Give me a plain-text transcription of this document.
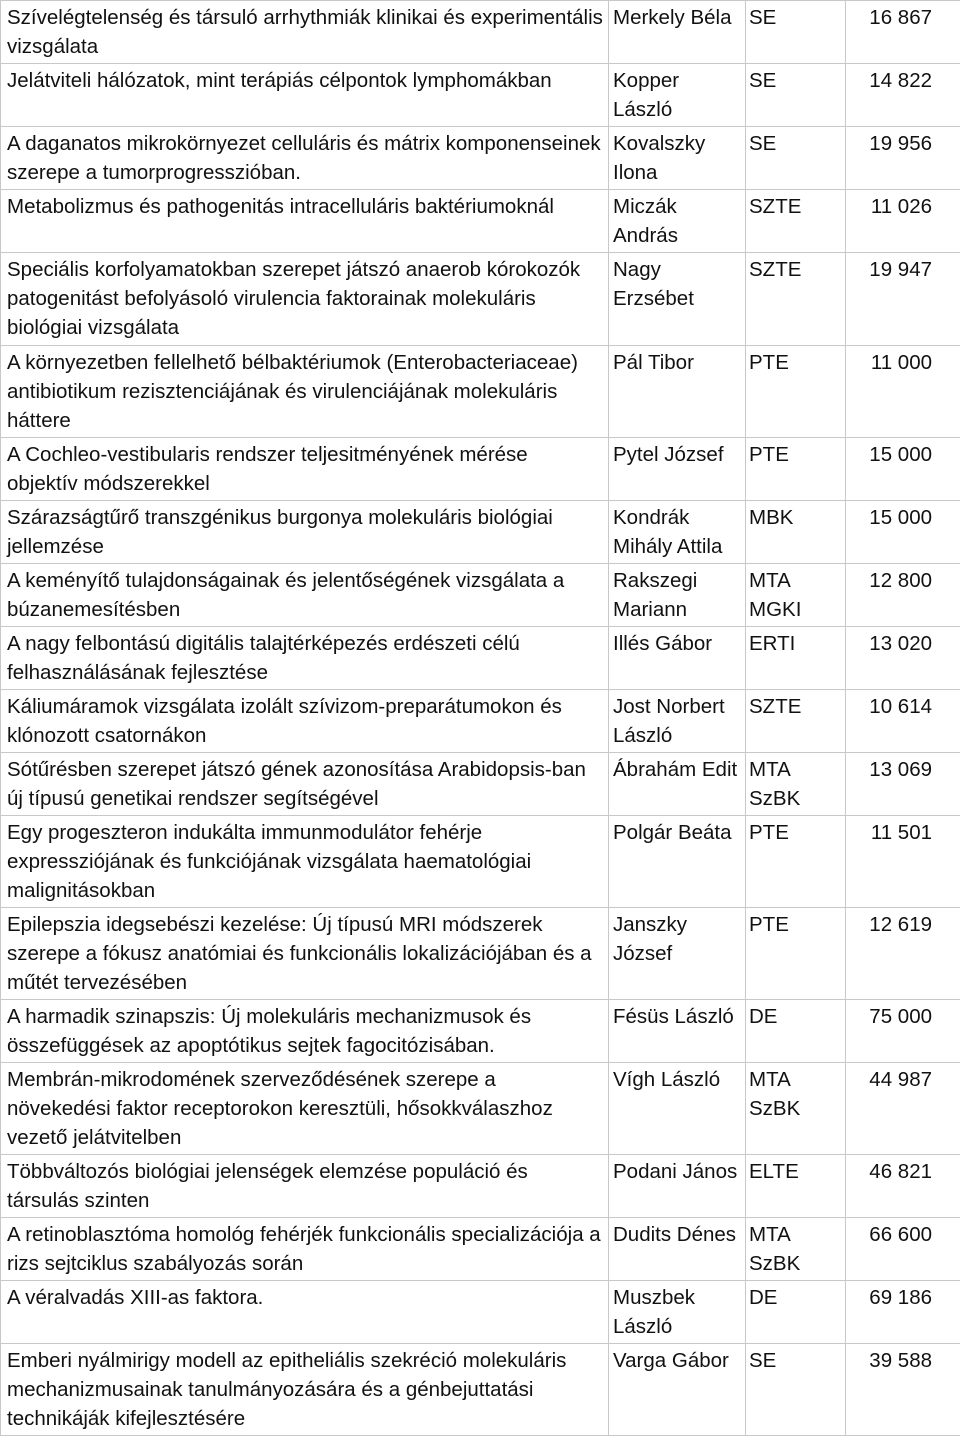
Szívelégtelenség és társuló arrhythmiák klinikai és experimentális vizsgálata	Merkely Béla	SE	16 867
Jelátviteli hálózatok, mint terápiás célpontok lymphomákban	Kopper László	SE	14 822
A daganatos mikrokörnyezet celluláris és mátrix komponenseinek szerepe a tumorprogresszióban.	Kovalszky Ilona	SE	19 956
Metabolizmus és pathogenitás intracelluláris baktériumoknál	Miczák András	SZTE	11 026
Speciális korfolyamatokban szerepet játszó anaerob kórokozók patogenitást befolyásoló virulencia faktorainak molekuláris biológiai vizsgálata	Nagy Erzsébet	SZTE	19 947
A környezetben fellelhető bélbaktériumok (Enterobacteriaceae) antibiotikum rezisztenciájának és virulenciájának molekuláris háttere	Pál Tibor	PTE	11 000
A Cochleo-vestibularis rendszer teljesitményének mérése objektív módszerekkel	Pytel József	PTE	15 000
Szárazságtűrő transzgénikus burgonya molekuláris biológiai jellemzése	Kondrák Mihály Attila	MBK	15 000
A keményítő tulajdonságainak és jelentőségének vizsgálata a búzanemesítésben	Rakszegi Mariann	MTA MGKI	12 800
A nagy felbontású digitális talajtérképezés erdészeti célú felhasználásának fejlesztése	Illés Gábor	ERTI	13 020
Káliumáramok vizsgálata izolált szívizom-preparátumokon és klónozott csatornákon	Jost Norbert László	SZTE	10 614
Sótűrésben szerepet játszó gének azonosítása Arabidopsis-ban új típusú genetikai rendszer segítségével	Ábrahám Edit	MTA SzBK	13 069
Egy progeszteron indukálta immunmodulátor fehérje expressziójának és funkciójának vizsgálata haematológiai malignitásokban	Polgár Beáta	PTE	11 501
Epilepszia idegsebészi kezelése: Új típusú MRI módszerek szerepe a fókusz anatómiai és funkcionális lokalizációjában és a műtét tervezésében	Janszky József	PTE	12 619
A harmadik szinapszis: Új molekuláris mechanizmusok és összefüggések az apoptótikus sejtek fagocitózisában.	Fésüs László	DE	75 000
Membrán-mikrodomének szerveződésének szerepe a növekedési faktor receptorokon keresztüli, hősokkválaszhoz vezető jelátvitelben	Vígh László	MTA SzBK	44 987
Többváltozós biológiai jelenségek elemzése populáció és társulás szinten	Podani János	ELTE	46 821
A retinoblasztóma homológ fehérjék funkcionális specializációja a rizs sejtciklus szabályozás során	Dudits Dénes	MTA SzBK	66 600
A véralvadás XIII-as faktora.	Muszbek László	DE	69 186
Emberi nyálmirigy modell az epitheliális szekréció molekuláris mechanizmusainak tanulmányozására és a génbejuttatási technikáják kifejlesztésére	Varga Gábor	SE	39 588
